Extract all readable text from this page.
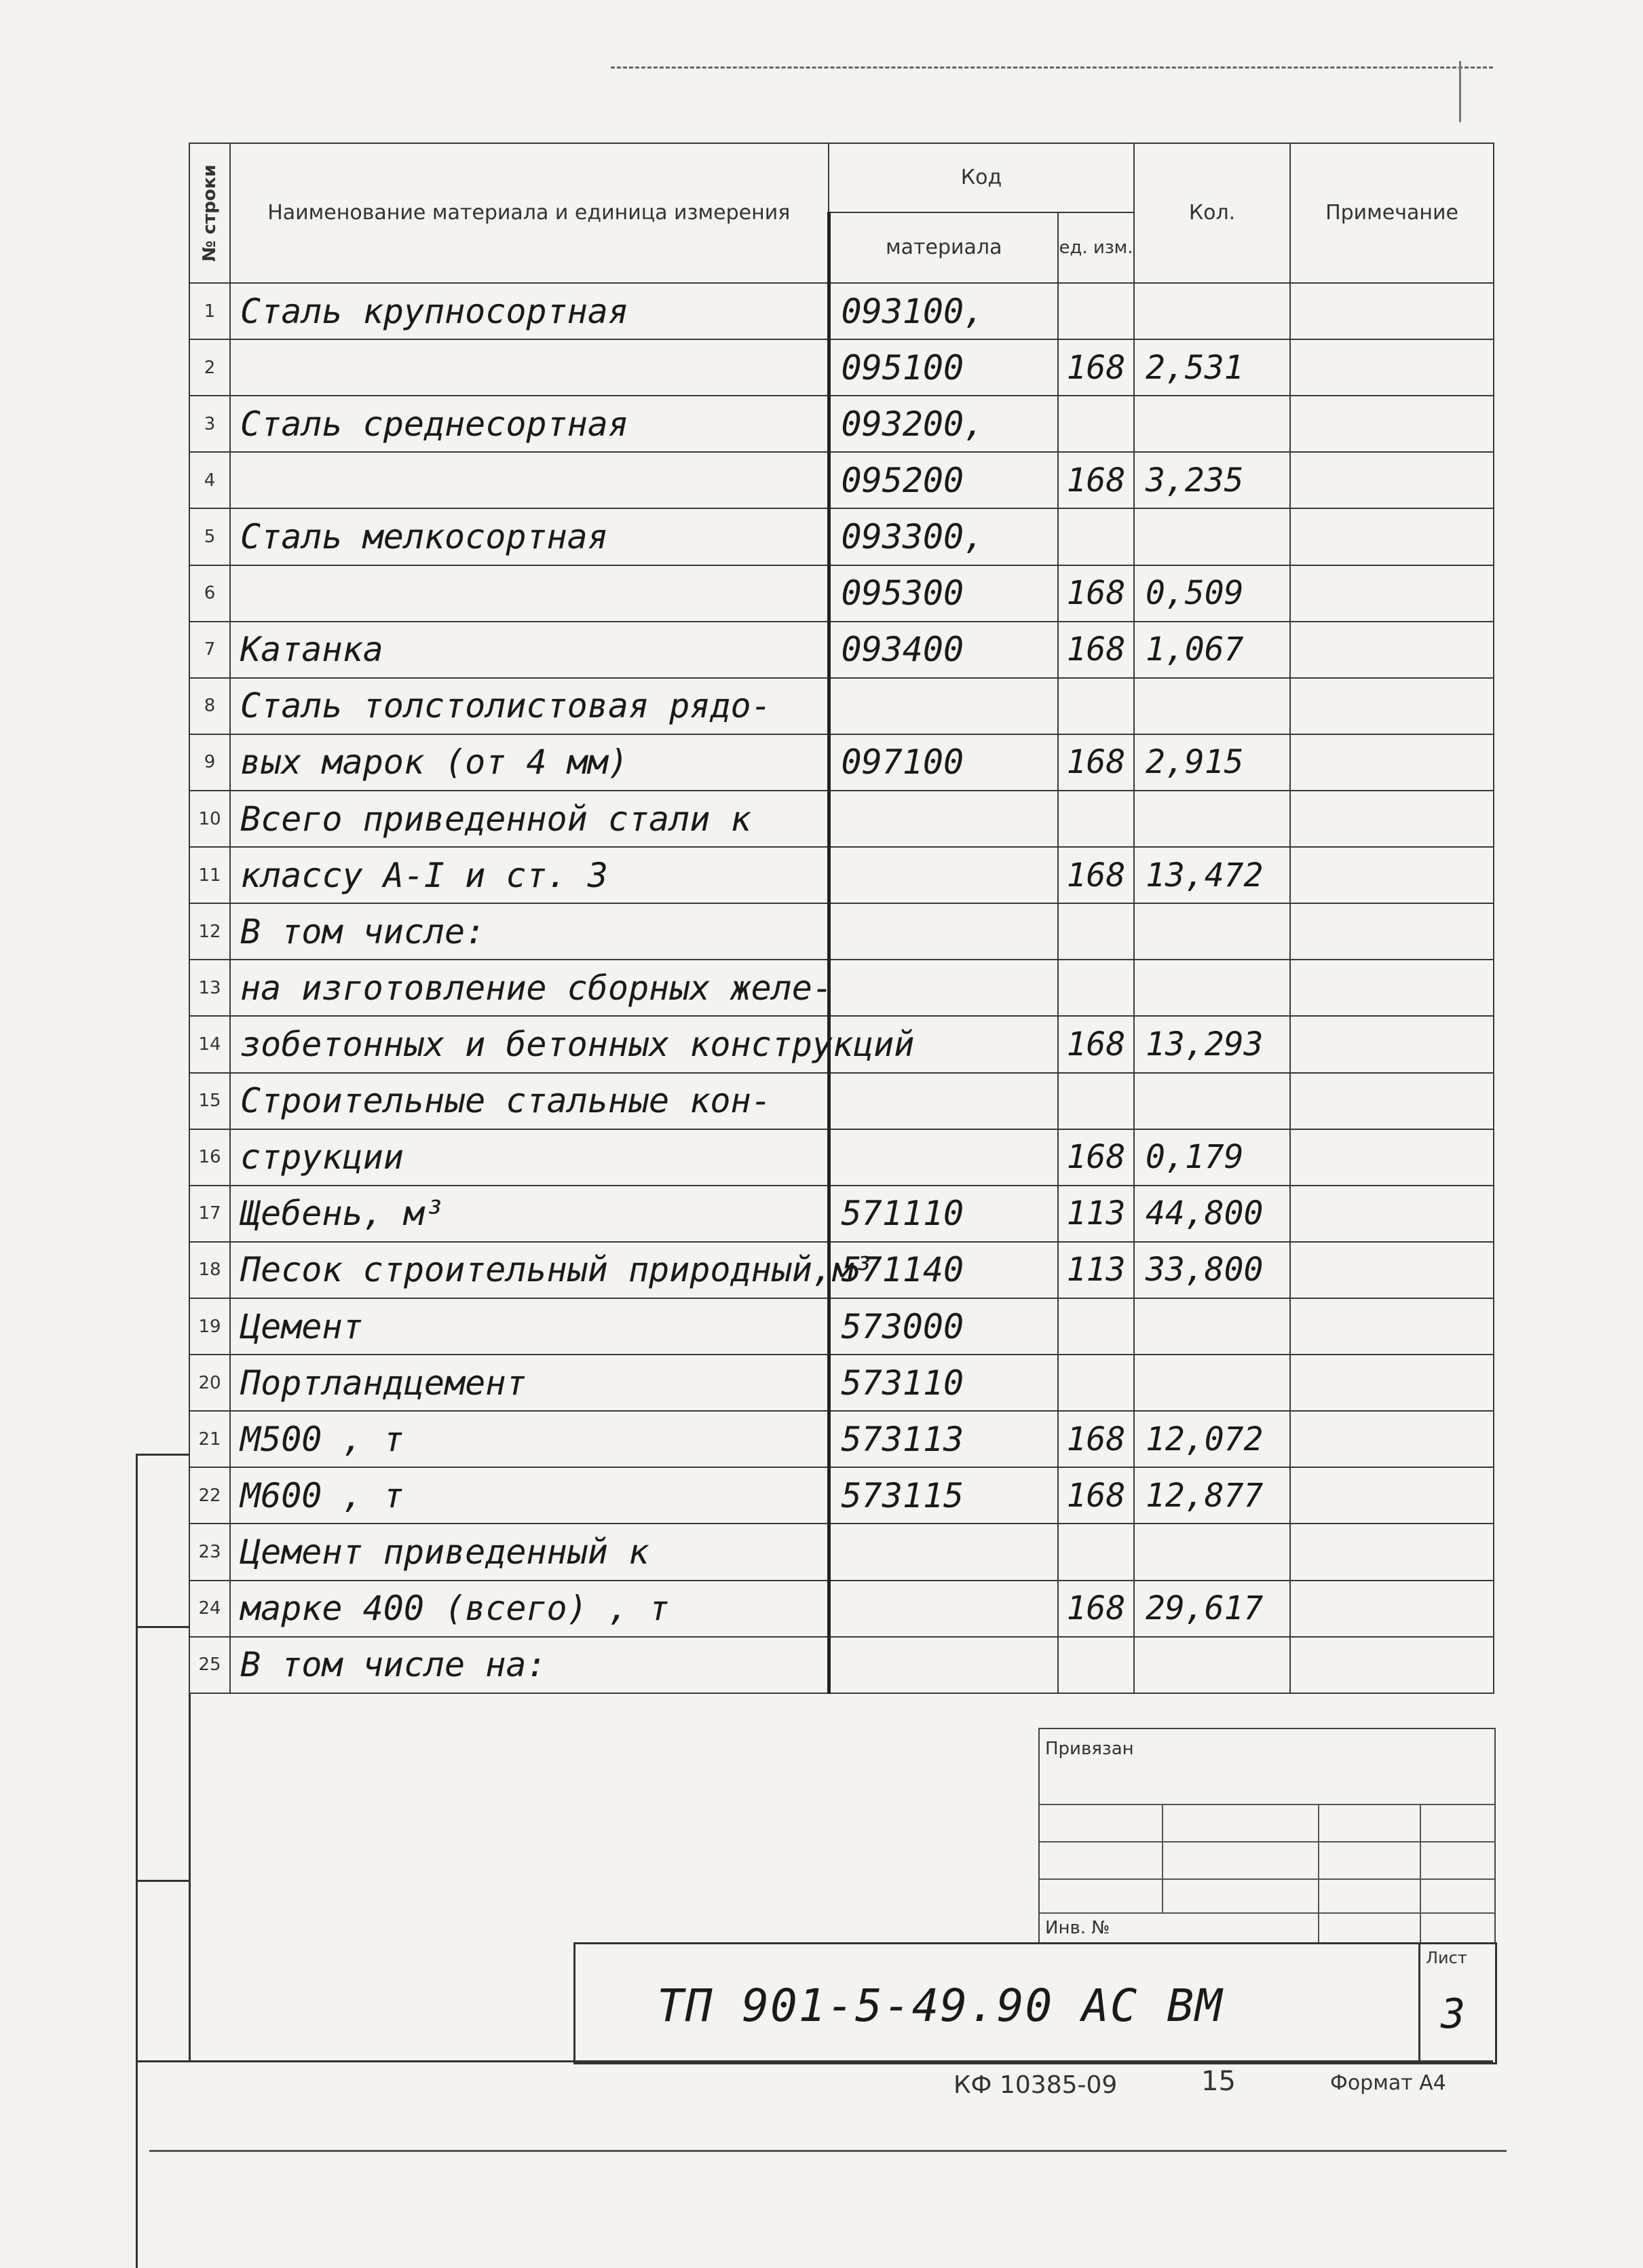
№ строки	Наименование материала и единица измерения	Код		Кол.	Примечание
		материала	ед. изм.		
1	Сталь крупносортная	093100,			
2		095100	168	2,531	
3	Сталь среднесортная	093200,			
4		095200	168	3,235	
5	Сталь мелкосортная	093300,			
6		095300	168	0,509	
7	Катанка	093400	168	1,067	
8	Сталь толстолистовая рядо-				
9	вых марок (от 4 мм)	097100	168	2,915	
10	Всего приведенной стали к				
11	классу A-I и ст. 3		168	13,472	
12	В том числе:				
13	на изготовление сборных желе-				
14	зобетонных и бетонных конструкций		168	13,293	
15	Строительные стальные кон-				
16	струкции		168	0,179	
17	Щебень, м³	571110	113	44,800	
18	Песок строительный природный,м³	571140	113	33,800	
19	Цемент	573000			
20	Портландцемент	573110			
21	М500 , т	573113	168	12,072	
22	М600 , т	573115	168	12,877	
23	Цемент приведенный к				
24	марке 400 (всего) , т		168	29,617	
25	В том числе на:				
Привязан
Инв. №
ТП 901-5-49.90 АС ВМ
Лист
3
КФ 10385-09	15	Формат А4
